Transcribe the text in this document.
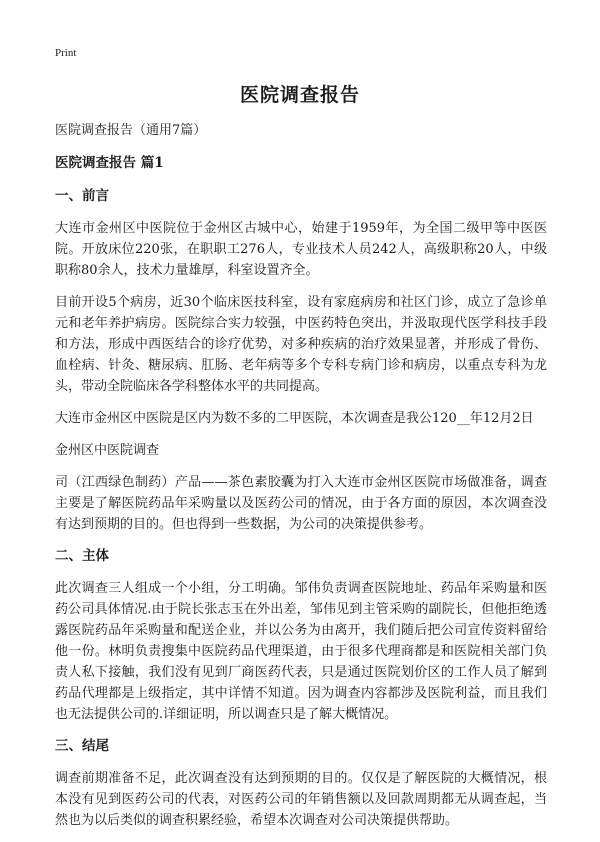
Print
医院调查报告

医院调查报告（通用7篇）

医院调查报告 篇1

一、前言

大连市金州区中医院位于金州区古城中心，始建于1959年，为全国二级甲等中医医院。开放床位220张，在职职工276人，专业技术人员242人，高级职称20人，中级职称80余人，技术力量雄厚，科室设置齐全。

目前开设5个病房，近30个临床医技科室，设有家庭病房和社区门诊，成立了急诊单元和老年养护病房。医院综合实力较强，中医药特色突出，并汲取现代医学科技手段和方法，形成中西医结合的诊疗优势，对多种疾病的治疗效果显著，并形成了骨伤、血栓病、针灸、糖尿病、肛肠、老年病等多个专科专病门诊和病房，以重点专科为龙头，带动全院临床各学科整体水平的共同提高。

大连市金州区中医院是区内为数不多的二甲医院，本次调查是我公120__年12月2日

金州区中医院调查

司（江西绿色制药）产品——茶色素胶囊为打入大连市金州区医院市场做准备，调查主要是了解医院药品年采购量以及医药公司的情况，由于各方面的原因，本次调查没有达到预期的目的。但也得到一些数据，为公司的决策提供参考。

二、主体

此次调查三人组成一个小组，分工明确。邹伟负责调查医院地址、药品年采购量和医药公司具体情况.由于院长张志玉在外出差，邹伟见到主管采购的副院长，但他拒绝透露医院药品年采购量和配送企业，并以公务为由离开，我们随后把公司宣传资料留给他一份。林明负责搜集中医院药品代理渠道，由于很多代理商都是和医院相关部门负责人私下接触，我们没有见到厂商医药代表，只是通过医院划价区的工作人员了解到药品代理都是上级指定，其中详情不知道。因为调查内容都涉及医院利益，而且我们也无法提供公司的.详细证明，所以调查只是了解大概情况。

三、结尾

调查前期准备不足，此次调查没有达到预期的目的。仅仅是了解医院的大概情况，根本没有见到医药公司的代表，对医药公司的年销售额以及回款周期都无从调查起，当然也为以后类似的调查积累经验，希望本次调查对公司决策提供帮助。
